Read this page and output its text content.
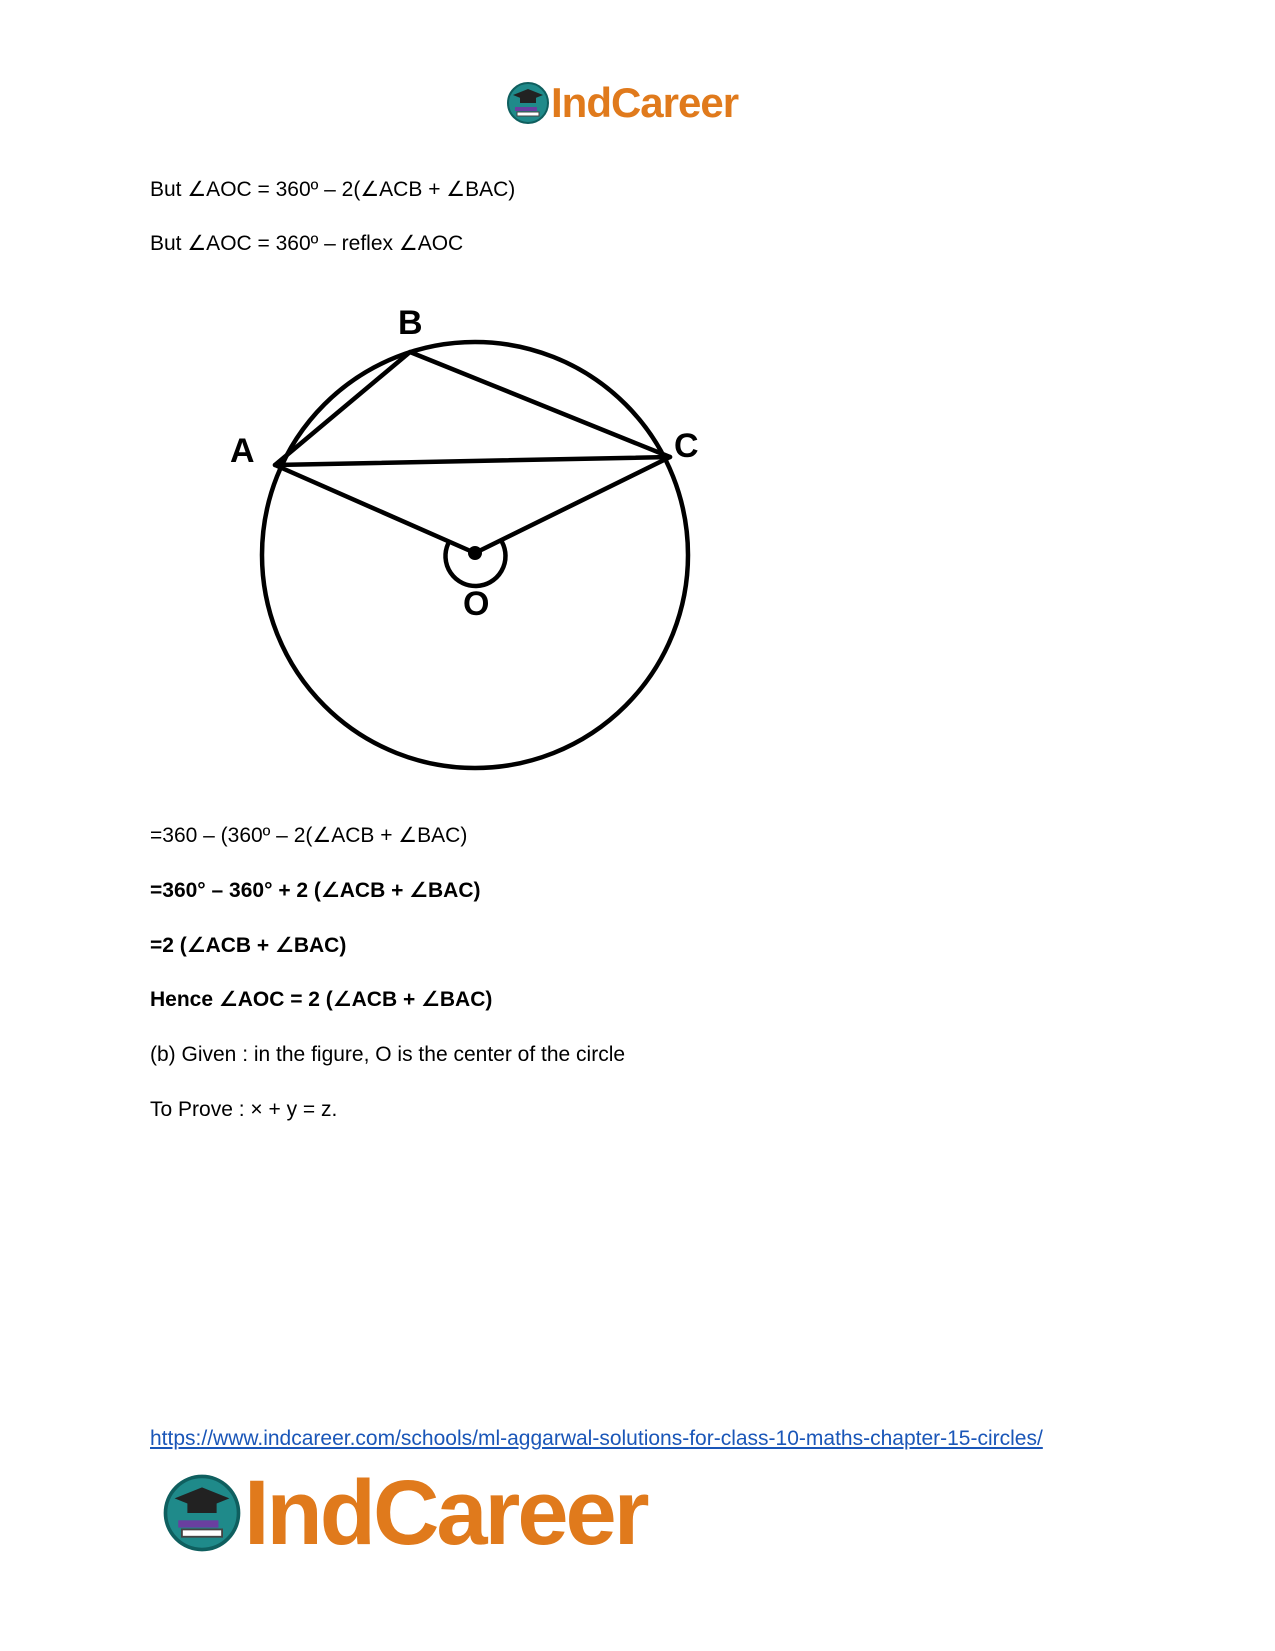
IndCareer
But ∠AOC = 360º – 2(∠ACB + ∠BAC)
But ∠AOC = 360º – reflex ∠AOC
B
A	C
O
=360 – (360º – 2(∠ACB + ∠BAC)
=360° – 360° + 2 (∠ACB + ∠BAC)
=2 (∠ACB + ∠BAC)
Hence ∠AOC = 2 (∠ACB + ∠BAC)
(b) Given : in the figure, O is the center of the circle
To Prove : × + y = z.
https://www.indcareer.com/schools/ml-aggarwal-solutions-for-class-10-maths-chapter-15-circles/
IndCareer
